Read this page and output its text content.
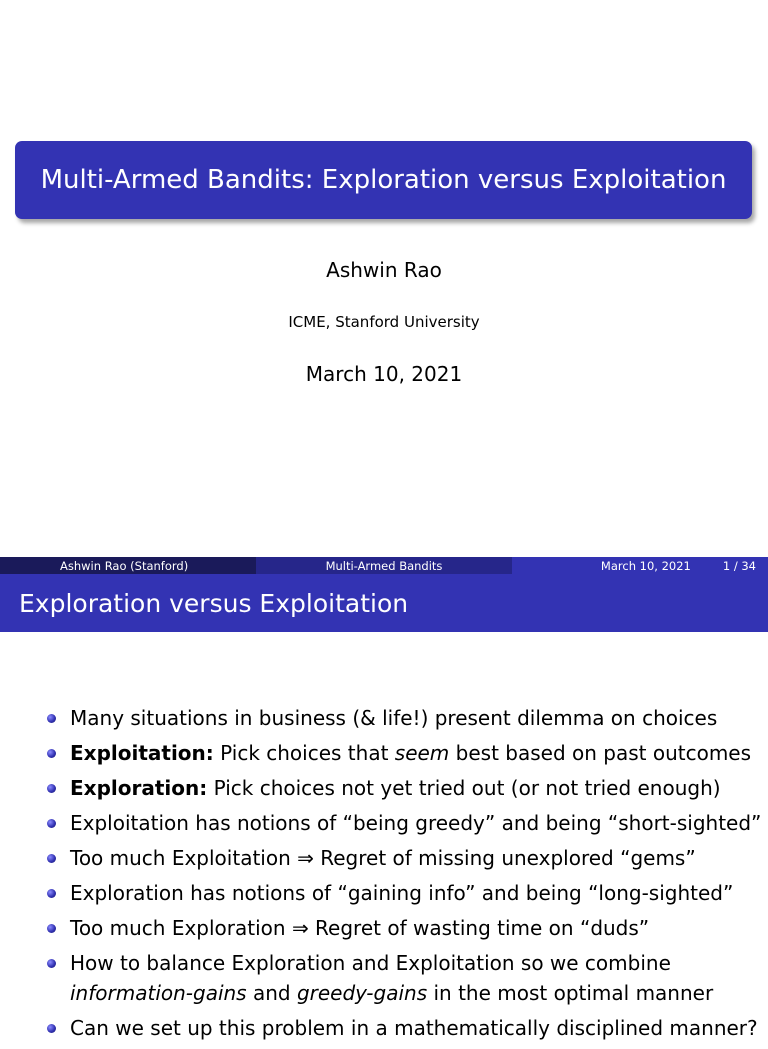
Multi-Armed Bandits: Exploration versus Exploitation
Ashwin Rao
ICME, Stanford University
March 10, 2021
Ashwin Rao (Stanford)	Multi-Armed Bandits	March 10, 2021	1 / 34
Exploration versus Exploitation
Many situations in business (& life!) present dilemma on choices
Exploitation: Pick choices that seem best based on past outcomes
Exploration: Pick choices not yet tried out (or not tried enough)
Exploitation has notions of “being greedy” and being “short-sighted”
Too much Exploitation ⇒ Regret of missing unexplored “gems”
Exploration has notions of “gaining info” and being “long-sighted”
Too much Exploration ⇒ Regret of wasting time on “duds”
How to balance Exploration and Exploitation so we combine
information-gains and greedy-gains in the most optimal manner
Can we set up this problem in a mathematically disciplined manner?
